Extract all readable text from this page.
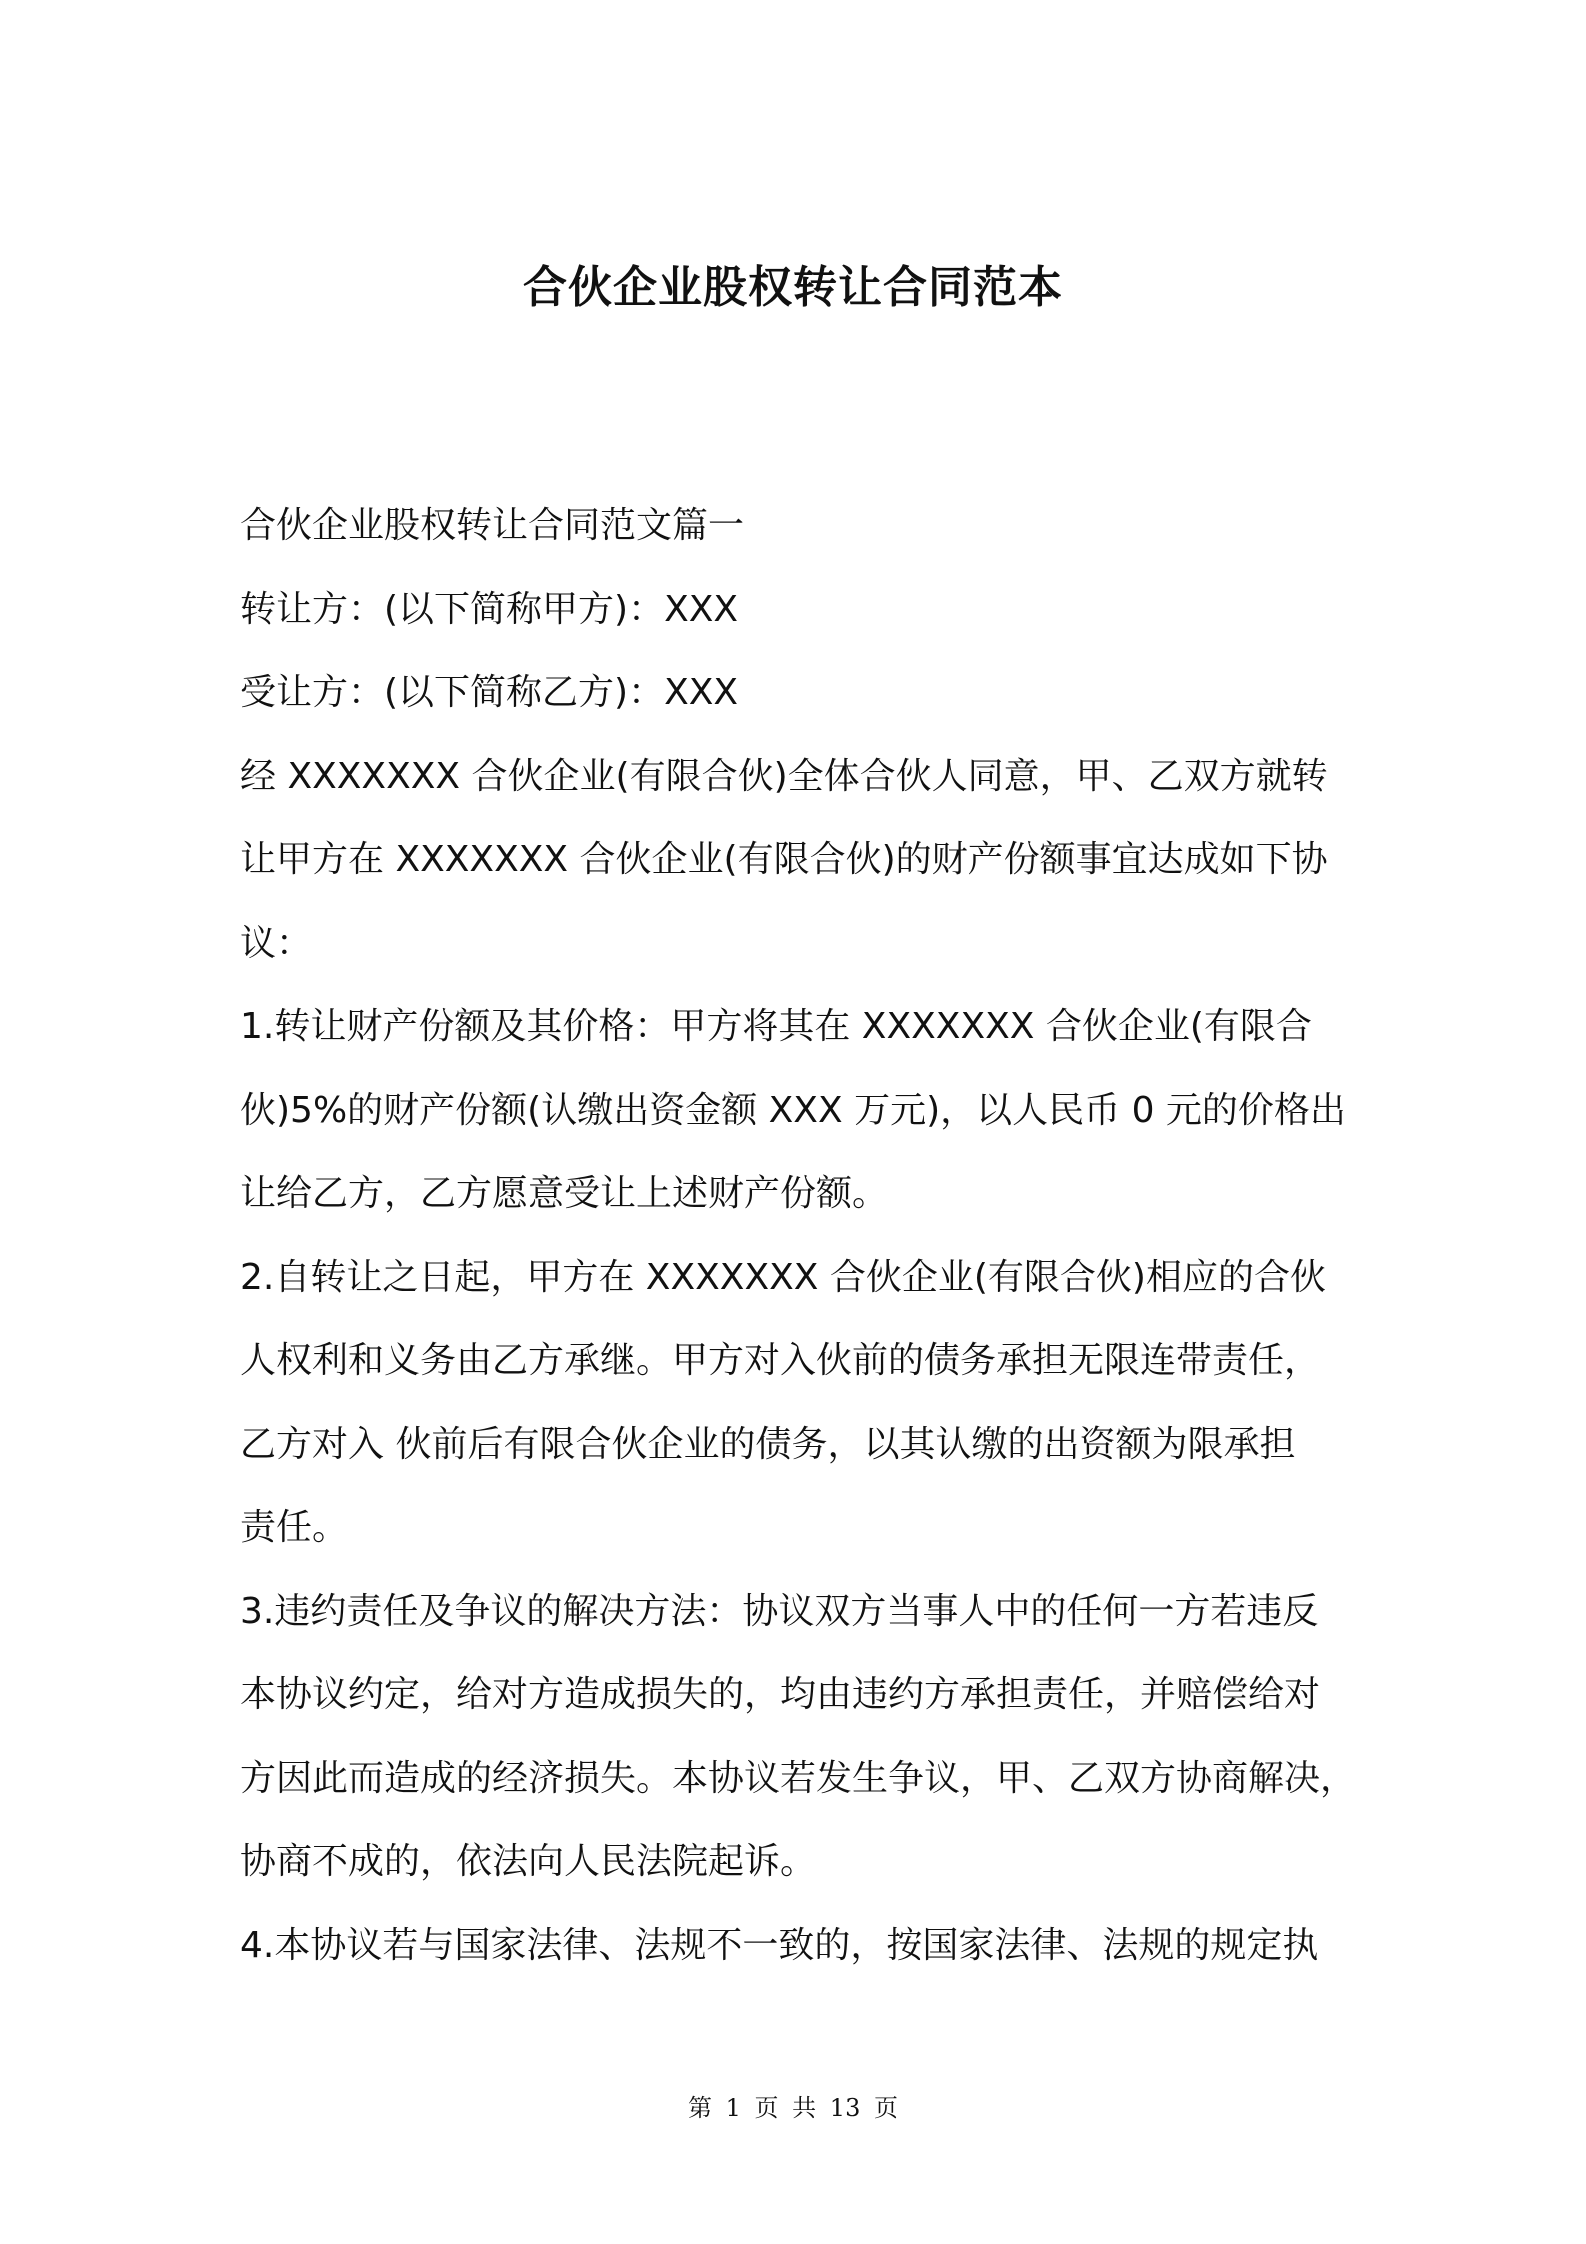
合伙企业股权转让合同范本

合伙企业股权转让合同范文篇一

转让方：(以下简称甲方)：XXX

受让方：(以下简称乙方)：XXX

经 XXXXXXX 合伙企业(有限合伙)全体合伙人同意，甲、乙双方就转

让甲方在 XXXXXXX 合伙企业(有限合伙)的财产份额事宜达成如下协

议：

1.转让财产份额及其价格：甲方将其在 XXXXXXX 合伙企业(有限合

伙)5%的财产份额(认缴出资金额 XXX 万元)，以人民币 0 元的价格出

让给乙方，乙方愿意受让上述财产份额。

2.自转让之日起，甲方在 XXXXXXX 合伙企业(有限合伙)相应的合伙

人权利和义务由乙方承继。甲方对入伙前的债务承担无限连带责任，

乙方对入 伙前后有限合伙企业的债务，以其认缴的出资额为限承担

责任。

3.违约责任及争议的解决方法：协议双方当事人中的任何一方若违反

本协议约定，给对方造成损失的，均由违约方承担责任，并赔偿给对

方因此而造成的经济损失。本协议若发生争议，甲、乙双方协商解决，

协商不成的，依法向人民法院起诉。

4.本协议若与国家法律、法规不一致的，按国家法律、法规的规定执

第 1 页 共 13 页
